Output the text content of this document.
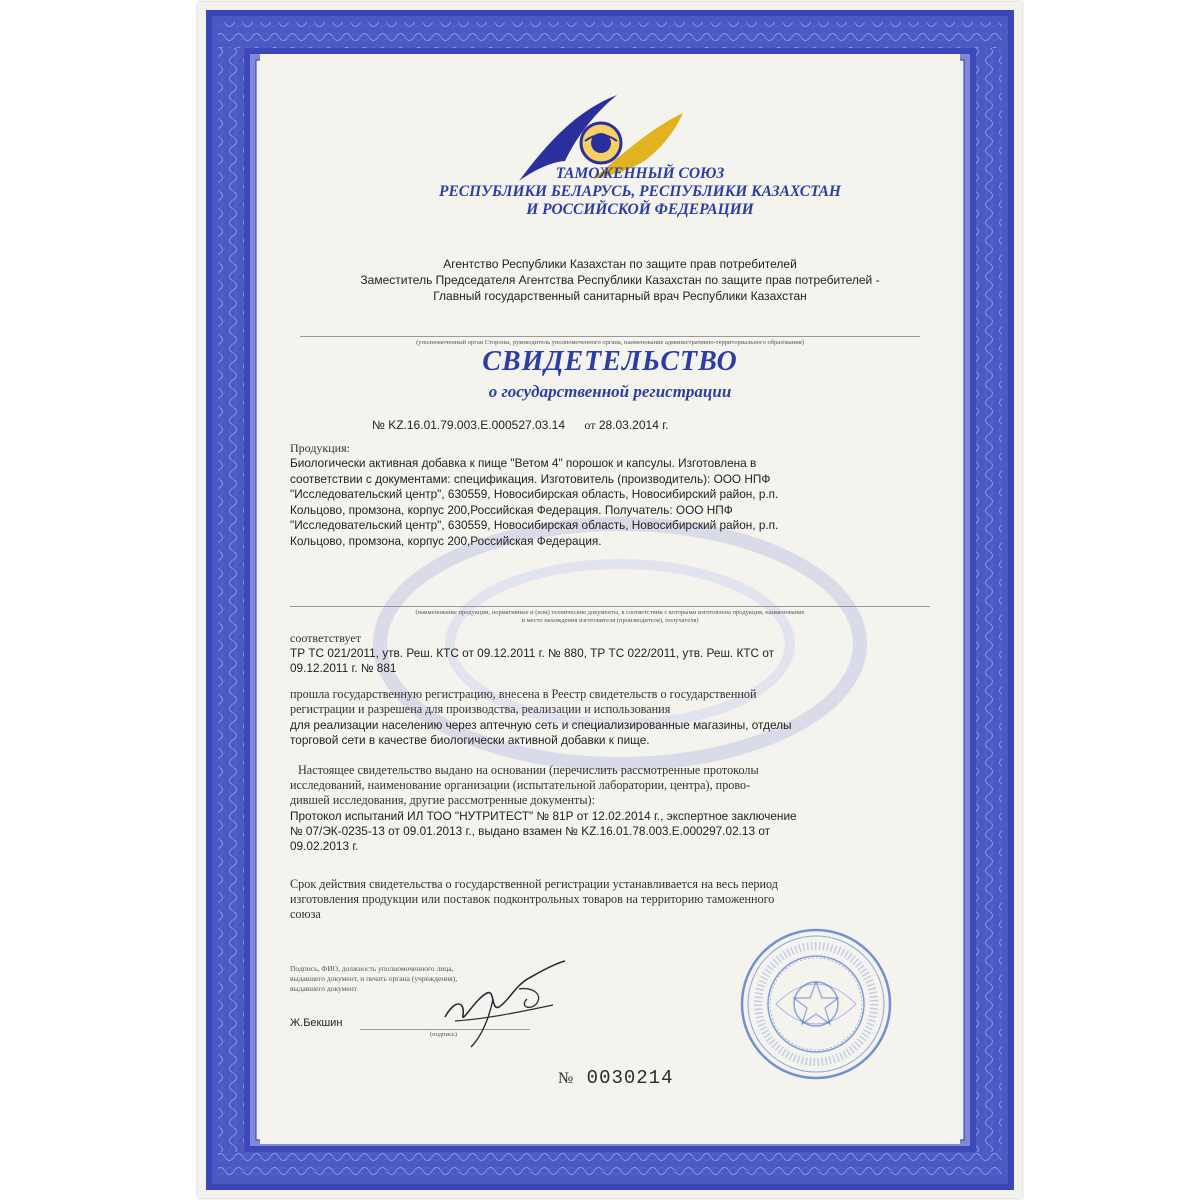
ТАМОЖЕННЫЙ СОЮЗ

РЕСПУБЛИКИ БЕЛАРУСЬ, РЕСПУБЛИКИ КАЗАХСТАН

И РОССИЙСКОЙ ФЕДЕРАЦИИ

Агентство Республики Казахстан по защите прав потребителей

Заместитель Председателя Агентства Республики Казахстан по защите прав потребителей -

Главный государственный санитарный врач Республики Казахстан

(уполномоченный орган Стороны, руководитель уполномоченного органа, наименование административно-территориального образования)

СВИДЕТЕЛЬСТВО

о государственной регистрации

№ KZ.16.01.79.003.Е.000527.03.14 от 28.03.2014 г.

Продукция:

Биологически активная добавка к пище "Ветом 4" порошок и капсулы. Изготовлена в
соответствии с документами: спецификация. Изготовитель (производитель): ООО НПФ
"Исследовательский центр", 630559, Новосибирская область, Новосибирский район, р.п.
Кольцово, промзона, корпус 200,Российская Федерация. Получатель: ООО НПФ
"Исследовательский центр", 630559, Новосибирская область, Новосибирский район, р.п.
Кольцово, промзона, корпус 200,Российская Федерация.

(наименование продукции, нормативные и (или) технические документы, в соответствии с которыми изготовлена продукция, наименование

и место нахождения изготовителя (производителя), получателя)

соответствует

ТР ТС 021/2011, утв. Реш. КТС от 09.12.2011 г. № 880, ТР ТС 022/2011, утв. Реш. КТС от

09.12.2011 г. № 881

прошла государственную регистрацию, внесена в Реестр свидетельств о государственной

регистрации и разрешена для производства, реализации и использования

для реализации населению через аптечную сеть и специализированные магазины, отделы

торговой сети в качестве биологически активной добавки к пище.

Настоящее свидетельство выдано на основании (перечислить рассмотренные протоколы

исследований, наименование организации (испытательной лаборатории, центра), прово-

дившей исследования, другие рассмотренные документы):

Протокол испытаний ИЛ ТОО "НУТРИТЕСТ" № 81Р от 12.02.2014 г., экспертное заключение

№ 07/ЭК-0235-13 от 09.01.2013 г., выдано взамен № KZ.16.01.78.003.Е.000297.02.13 от

09.02.2013 г.

Срок действия свидетельства о государственной регистрации устанавливается на весь период

изготовления продукции или поставок подконтрольных товаров на территорию таможенного

союза

Подпись, ФИО, должность уполномоченного лица,

выдавшего документ, и печать органа (учреждения),

выдавшего документ

Ж.Бекшин

(подпись)

№ 0030214
